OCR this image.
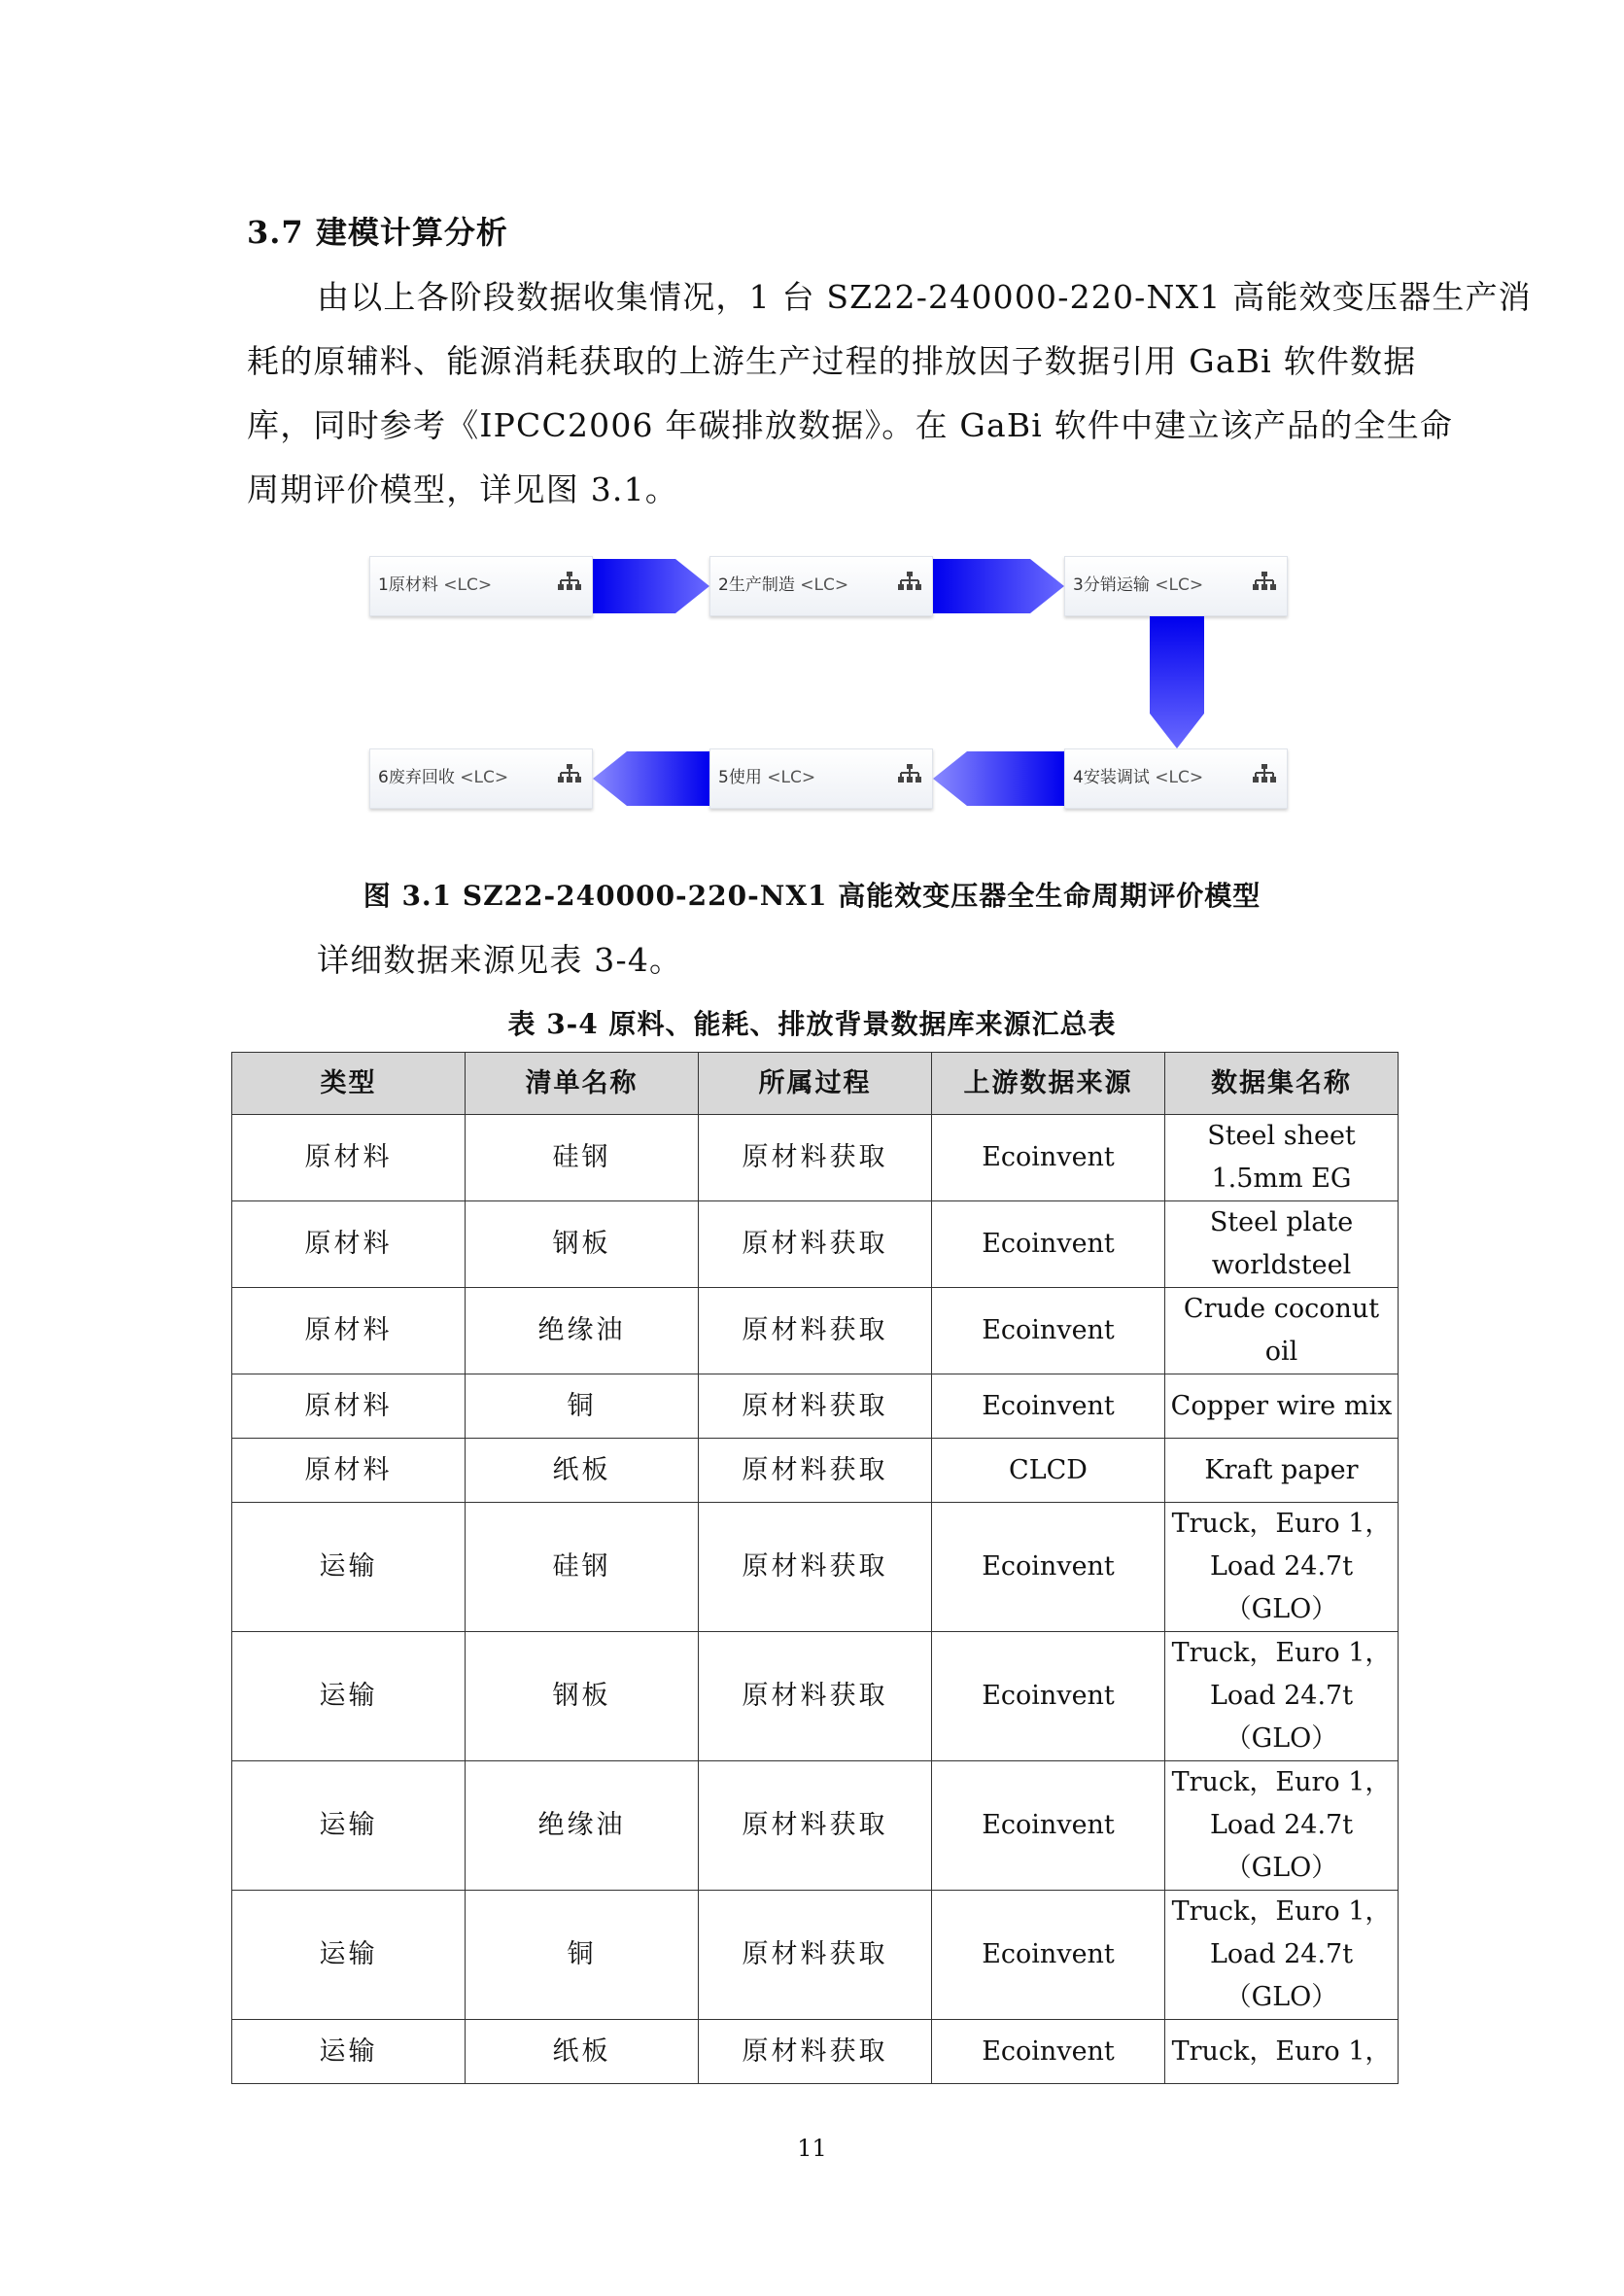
3.7 建模计算分析
由以上各阶段数据收集情况，1 台 SZ22-240000-220-NX1 高能效变压器生产消
耗的原辅料、能源消耗获取的上游生产过程的排放因子数据引用 GaBi 软件数据
库，同时参考《IPCC2006 年碳排放数据》。在 GaBi 软件中建立该产品的全生命
周期评价模型，详见图 3.1。
1原材料 <LC>	2生产制造 <LC>	3分销运输 <LC>
4安装调试 <LC>
5使用 <LC>
6废弃回收 <LC>
图 3.1 SZ22-240000-220-NX1 高能效变压器全生命周期评价模型
详细数据来源见表 3-4。
表 3-4 原料、能耗、排放背景数据库来源汇总表
类型	清单名称	所属过程	上游数据来源	数据集名称
原材料	硅钢	原材料获取	Ecoinvent	Steel sheet
1.5mm EG
原材料	钢板	原材料获取	Ecoinvent	Steel plate
worldsteel
原材料	绝缘油	原材料获取	Ecoinvent	Crude coconut
oil
原材料	铜	原材料获取	Ecoinvent	Copper wire mix
原材料	纸板	原材料获取	CLCD	Kraft paper
运输	硅钢	原材料获取	Ecoinvent	Truck，Euro 1，
Load 24.7t
（GLO）
运输	钢板	原材料获取	Ecoinvent	Truck，Euro 1，
Load 24.7t
（GLO）
运输	绝缘油	原材料获取	Ecoinvent	Truck，Euro 1，
Load 24.7t
（GLO）
运输	铜	原材料获取	Ecoinvent	Truck，Euro 1，
Load 24.7t
（GLO）
运输	纸板	原材料获取	Ecoinvent	Truck，Euro 1，
11
